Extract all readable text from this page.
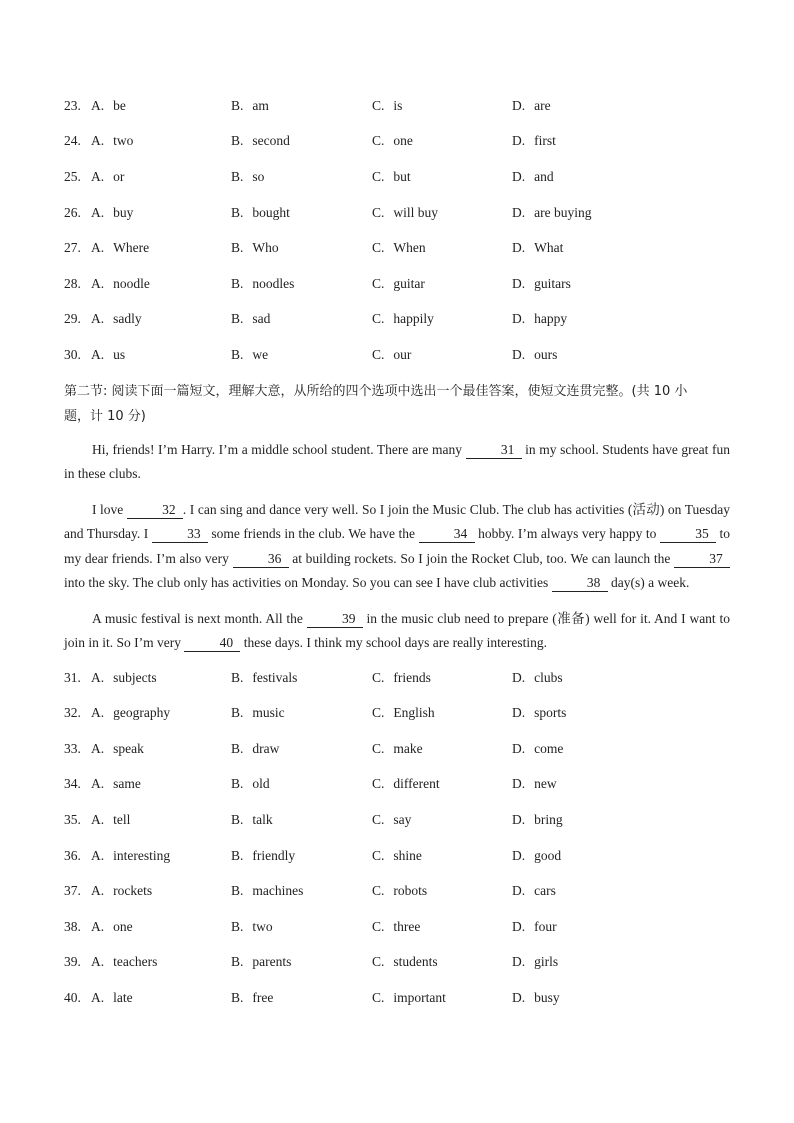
23. A. be	B. am	C. is	D. are
24. A. two	B. second	C. one	D. first
25. A. or	B. so	C. but	D. and
26. A. buy	B. bought	C. will buy	D. are buying
27. A. Where	B. Who	C. When	D. What
28. A. noodle	B. noodles	C. guitar	D. guitars
29. A. sadly	B. sad	C. happily	D. happy
30. A. us	B. we	C. our	D. ours
第二节: 阅读下面一篇短文，理解大意，从所给的四个选项中选出一个最佳答案，使短文连贯完整。(共 10 小
题，计 10 分)

Hi, friends! I’m Harry. I’m a middle school student. There are many	31 in my school. Students have great fun in these clubs.

I love	32 . I can sing and dance very well. So I join the Music Club. The club has activities (活动) on Tuesday and Thursday. I	33 some friends in the club. We have the	34 hobby. I’m always very happy to	35 to my dear friends. I’m also very	36 at building rockets. So I join the Rocket Club, too. We can launch the	37 into the sky. The club only has activities on Monday. So you can see I have club activities	38 day(s) a week.

A music festival is next month. All the	39 in the music club need to prepare (准备) well for it. And I want to join in it. So I’m very	40 these days. I think my school days are really interesting.

31. A. subjects	B. festivals	C. friends	D. clubs
32. A. geography	B. music	C. English	D. sports
33. A. speak	B. draw	C. make	D. come
34. A. same	B. old	C. different	D. new
35. A. tell	B. talk	C. say	D. bring
36. A. interesting	B. friendly	C. shine	D. good
37. A. rockets	B. machines	C. robots	D. cars
38. A. one	B. two	C. three	D. four
39. A. teachers	B. parents	C. students	D. girls
40. A. late	B. free	C. important	D. busy
